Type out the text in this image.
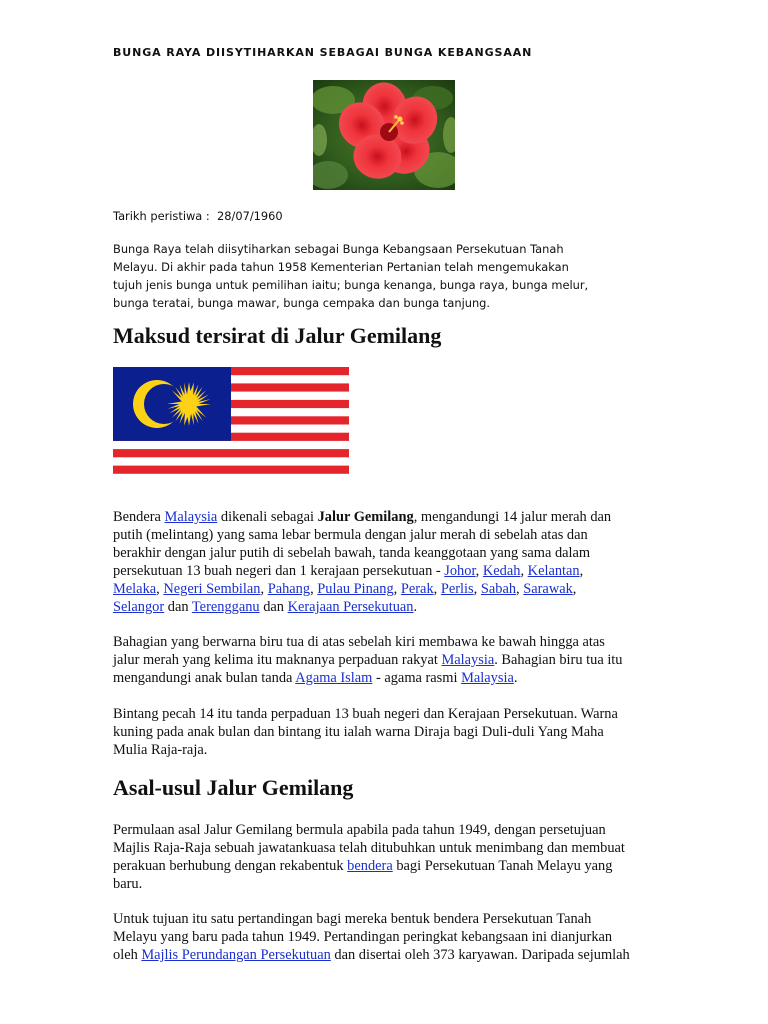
BUNGA RAYA DIISYTIHARKAN SEBAGAI BUNGA KEBANGSAAN
Tarikh peristiwa : 28/07/1960
Bunga Raya telah diisytiharkan sebagai Bunga Kebangsaan Persekutuan Tanah
Melayu. Di akhir pada tahun 1958 Kementerian Pertanian telah mengemukakan
tujuh jenis bunga untuk pemilihan iaitu; bunga kenanga, bunga raya, bunga melur,
bunga teratai, bunga mawar, bunga cempaka dan bunga tanjung.
Maksud tersirat di Jalur Gemilang
Bendera Malaysia dikenali sebagai Jalur Gemilang, mengandungi 14 jalur merah dan
putih (melintang) yang sama lebar bermula dengan jalur merah di sebelah atas dan
berakhir dengan jalur putih di sebelah bawah, tanda keanggotaan yang sama dalam
persekutuan 13 buah negeri dan 1 kerajaan persekutuan - Johor, Kedah, Kelantan,
Melaka, Negeri Sembilan, Pahang, Pulau Pinang, Perak, Perlis, Sabah, Sarawak,
Selangor dan Terengganu dan Kerajaan Persekutuan.
Bahagian yang berwarna biru tua di atas sebelah kiri membawa ke bawah hingga atas
jalur merah yang kelima itu maknanya perpaduan rakyat Malaysia. Bahagian biru tua itu
mengandungi anak bulan tanda Agama Islam - agama rasmi Malaysia.
Bintang pecah 14 itu tanda perpaduan 13 buah negeri dan Kerajaan Persekutuan. Warna
kuning pada anak bulan dan bintang itu ialah warna Diraja bagi Duli-duli Yang Maha
Mulia Raja-raja.
Asal-usul Jalur Gemilang
Permulaan asal Jalur Gemilang bermula apabila pada tahun 1949, dengan persetujuan
Majlis Raja-Raja sebuah jawatankuasa telah ditubuhkan untuk menimbang dan membuat
perakuan berhubung dengan rekabentuk bendera bagi Persekutuan Tanah Melayu yang
baru.
Untuk tujuan itu satu pertandingan bagi mereka bentuk bendera Persekutuan Tanah
Melayu yang baru pada tahun 1949. Pertandingan peringkat kebangsaan ini dianjurkan
oleh Majlis Perundangan Persekutuan dan disertai oleh 373 karyawan. Daripada sejumlah
